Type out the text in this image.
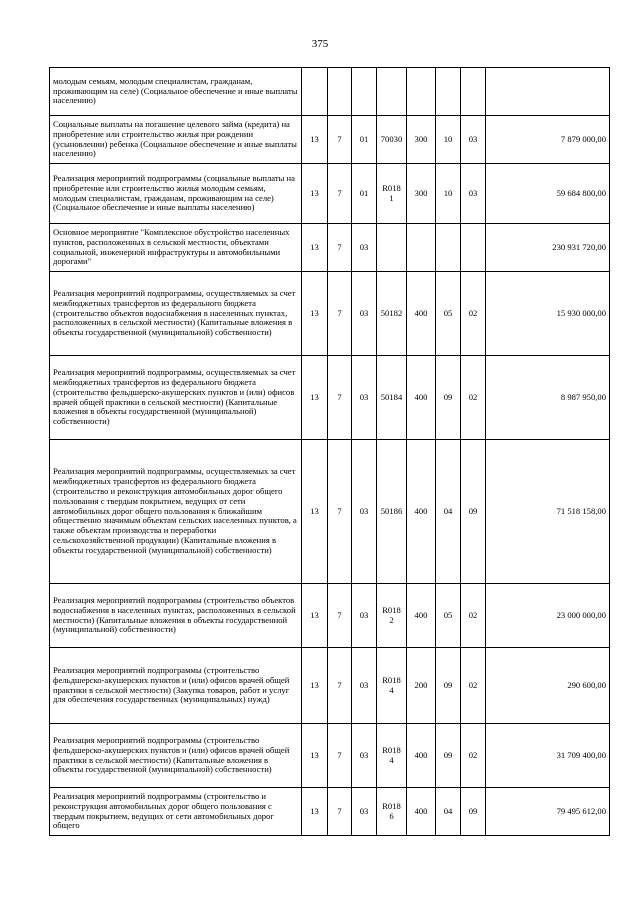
375
молодым семьям, молодым специалистам, гражданам, проживающим на селе) (Социальное обеспечение и иные выплаты населению)								
Социальные выплаты на погашение целевого займа (кредита) на приобретение или строительство жилья при рождении (усыновлении) ребенка (Социальное обеспечение и иные выплаты населению)	13	7	01	70030	300	10	03	7 879 000,00
Реализация мероприятий подпрограммы (социальные выплаты на приобретение или строительство жилья молодым семьям, молодым специалистам, гражданам, проживающим на селе) (Социальное обеспечение и иные выплаты населению)	13	7	01	R018 1	300	10	03	59 684 800,00
Основное мероприятие "Комплексное обустройство населенных пунктов, расположенных в сельской местности, объектами социальной, инженерной инфраструктуры и автомобильными дорогами"	13	7	03					230 931 720,00
Реализация мероприятий подпрограммы, осуществляемых за счет межбюджетных трансфертов из федерального бюджета (строительство объектов водоснабжения в населенных пунктах, расположенных в сельской местности) (Капитальные вложения в объекты государственной (муниципальной) собственности)	13	7	03	50182	400	05	02	15 930 000,00
Реализация мероприятий подпрограммы, осуществляемых за счет межбюджетных трансфертов из федерального бюджета (строительство фельдшерско-акушерских пунктов и (или) офисов врачей общей практики в сельской местности) (Капитальные вложения в объекты государственной (муниципальной) собственности)	13	7	03	50184	400	09	02	8 987 950,00
Реализация мероприятий подпрограммы, осуществляемых за счет межбюджетных трансфертов из федерального бюджета (строительство и реконструкция автомобильных дорог общего пользования с твердым покрытием, ведущих от сети автомобильных дорог общего пользования к ближайшим общественно значимым объектам сельских населенных пунктов, а также объектам производства и переработки сельскохозяйственной продукции) (Капитальные вложения в объекты государственной (муниципальной) собственности)	13	7	03	50186	400	04	09	71 518 158,00
Реализация мероприятий подпрограммы (строительство объектов водоснабжения в населенных пунктах, расположенных в сельской местности) (Капитальные вложения в объекты государственной (муниципальной) собственности)	13	7	03	R018 2	400	05	02	23 000 000,00
Реализация мероприятий подпрограммы (строительство фельдшерско-акушерских пунктов и (или) офисов врачей общей практики в сельской местности) (Закупка товаров, работ и услуг для обеспечения государственных (муниципальных) нужд)	13	7	03	R018 4	200	09	02	290 600,00
Реализация мероприятий подпрограммы (строительство фельдшерско-акушерских пунктов и (или) офисов врачей общей практики в сельской местности) (Капитальные вложения в объекты государственной (муниципальной) собственности)	13	7	03	R018 4	400	09	02	31 709 400,00
Реализация мероприятий подпрограммы (строительство и реконструкция автомобильных дорог общего пользования с твердым покрытием, ведущих от сети автомобильных дорог общего	13	7	03	R018 6	400	04	09	79 495 612,00
